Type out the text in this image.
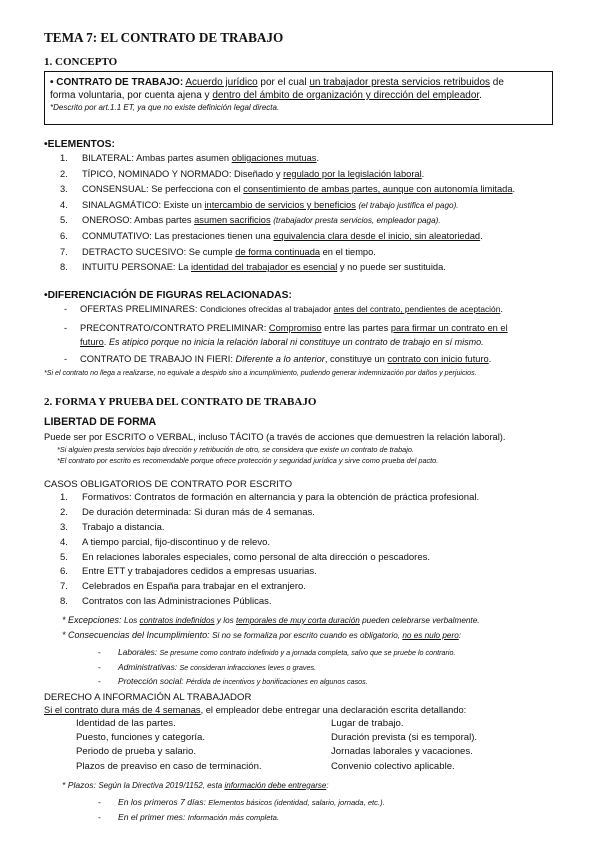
TEMA 7: EL CONTRATO DE TRABAJO
1. CONCEPTO
• CONTRATO DE TRABAJO: Acuerdo jurídico por el cual un trabajador presta servicios retribuidos de
forma voluntaria, por cuenta ajena y dentro del ámbito de organización y dirección del empleador.
*Descrito por art.1.1 ET, ya que no existe definición legal directa.
•ELEMENTOS:
1.	BILATERAL: Ambas partes asumen obligaciones mutuas.
2.	TÍPICO, NOMINADO Y NORMADO: Diseñado y regulado por la legislación laboral.
3.	CONSENSUAL: Se perfecciona con el consentimiento de ambas partes, aunque con autonomía limitada.
4.	SINALAGMÁTICO: Existe un intercambio de servicios y beneficios (el trabajo justifica el pago).
5.	ONEROSO: Ambas partes asumen sacrificios (trabajador presta servicios, empleador paga).
6.	CONMUTATIVO: Las prestaciones tienen una equivalencia clara desde el inicio, sin aleatoriedad.
7.	DETRACTO SUCESIVO: Se cumple de forma continuada en el tiempo.
8.	INTUITU PERSONAE: La identidad del trabajador es esencial y no puede ser sustituida.
•DIFERENCIACIÓN DE FIGURAS RELACIONADAS:
- OFERTAS PRELIMINARES: Condiciones ofrecidas al trabajador antes del contrato, pendientes de aceptación.
- PRECONTRATO/CONTRATO PRELIMINAR: Compromiso entre las partes para firmar un contrato en el
futuro. Es atípico porque no inicia la relación laboral ni constituye un contrato de trabajo en sí mismo.
- CONTRATO DE TRABAJO IN FIERI: Diferente a lo anterior, constituye un contrato con inicio futuro.
*Si el contrato no llega a realizarse, no equivale a despido sino a incumplimiento, pudiendo generar indemnización por daños y perjuicios.
2. FORMA Y PRUEBA DEL CONTRATO DE TRABAJO
LIBERTAD DE FORMA
Puede ser por ESCRITO o VERBAL, incluso TÁCITO (a través de acciones que demuestren la relación laboral).
*Si alguien presta servicios bajo dirección y retribución de otro, se considera que existe un contrato de trabajo.
*El contrato por escrito es recomendable porque ofrece protección y seguridad jurídica y sirve como prueba del pacto.
CASOS OBLIGATORIOS DE CONTRATO POR ESCRITO
1.	Formativos: Contratos de formación en alternancia y para la obtención de práctica profesional.
2.	De duración determinada: Si duran más de 4 semanas.
3.	Trabajo a distancia.
4.	A tiempo parcial, fijo-discontinuo y de relevo.
5.	En relaciones laborales especiales, como personal de alta dirección o pescadores.
6.	Entre ETT y trabajadores cedidos a empresas usuarias.
7.	Celebrados en España para trabajar en el extranjero.
8.	Contratos con las Administraciones Públicas.
* Excepciones: Los contratos indefinidos y los temporales de muy corta duración pueden celebrarse verbalmente.
* Consecuencias del Incumplimiento: Si no se formaliza por escrito cuando es obligatorio, no es nulo pero:
- Laborales: Se presume como contrato indefinido y a jornada completa, salvo que se pruebe lo contrario.
- Administrativas: Se consideran infracciones leves o graves.
- Protección social: Pérdida de incentivos y bonificaciones en algunos casos.
DERECHO A INFORMACIÓN AL TRABAJADOR
Si el contrato dura más de 4 semanas, el empleador debe entregar una declaración escrita detallando:
Identidad de las partes.	Lugar de trabajo.
Puesto, funciones y categoría.	Duración prevista (si es temporal).
Periodo de prueba y salario.	Jornadas laborales y vacaciones.
Plazos de preaviso en caso de terminación.	Convenio colectivo aplicable.
* Plazos: Según la Directiva 2019/1152, esta información debe entregarse:
- En los primeros 7 días: Elementos básicos (identidad, salario, jornada, etc.).
- En el primer mes: Información más completa.
